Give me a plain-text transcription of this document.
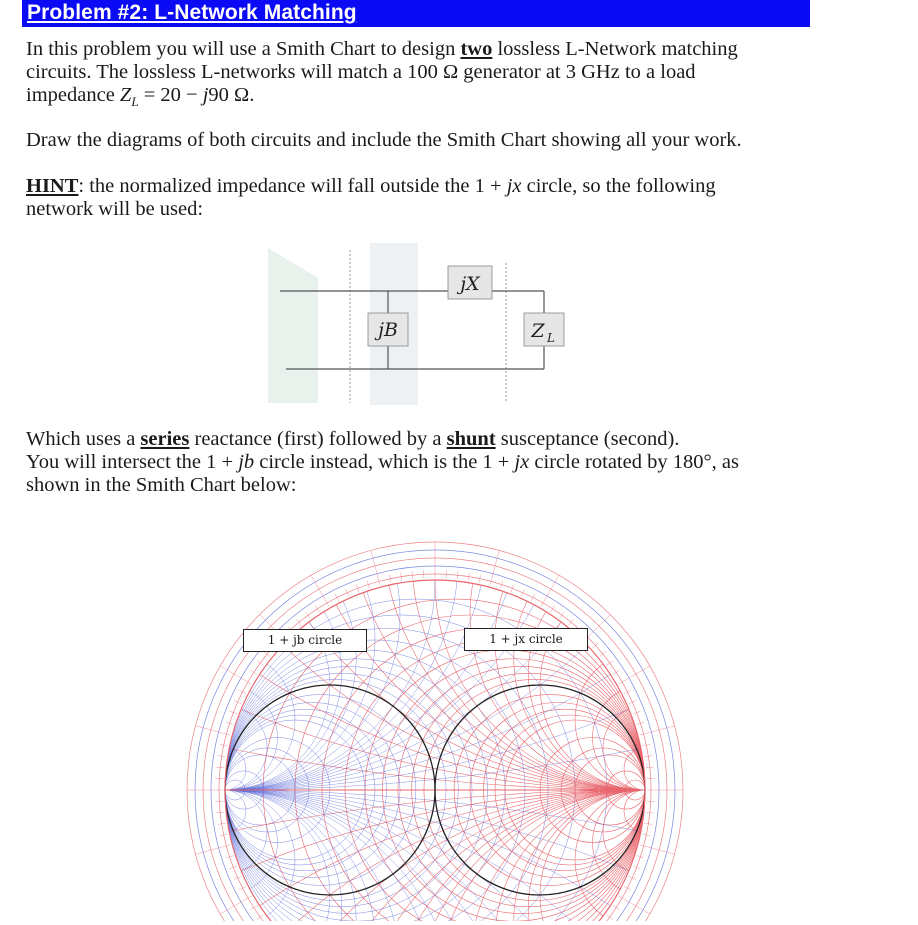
Problem #2: L-Network Matching

In this problem you will use a Smith Chart to design two lossless L-Network matching
circuits. The lossless L-networks will match a 100 Ω generator at 3 GHz to a load
impedance $Z_L = 20 - j90$ Ω.

Draw the diagrams of both circuits and include the Smith Chart showing all your work.

HINT: the normalized impedance will fall outside the 1 + jx circle, so the following
network will be used:

jB
jX
Z L

Which uses a series reactance (first) followed by a shunt susceptance (second).
You will intersect the 1 + jb circle instead, which is the 1 + jx circle rotated by 180°, as
shown in the Smith Chart below:

1 + jb circle	1 + jx circle
